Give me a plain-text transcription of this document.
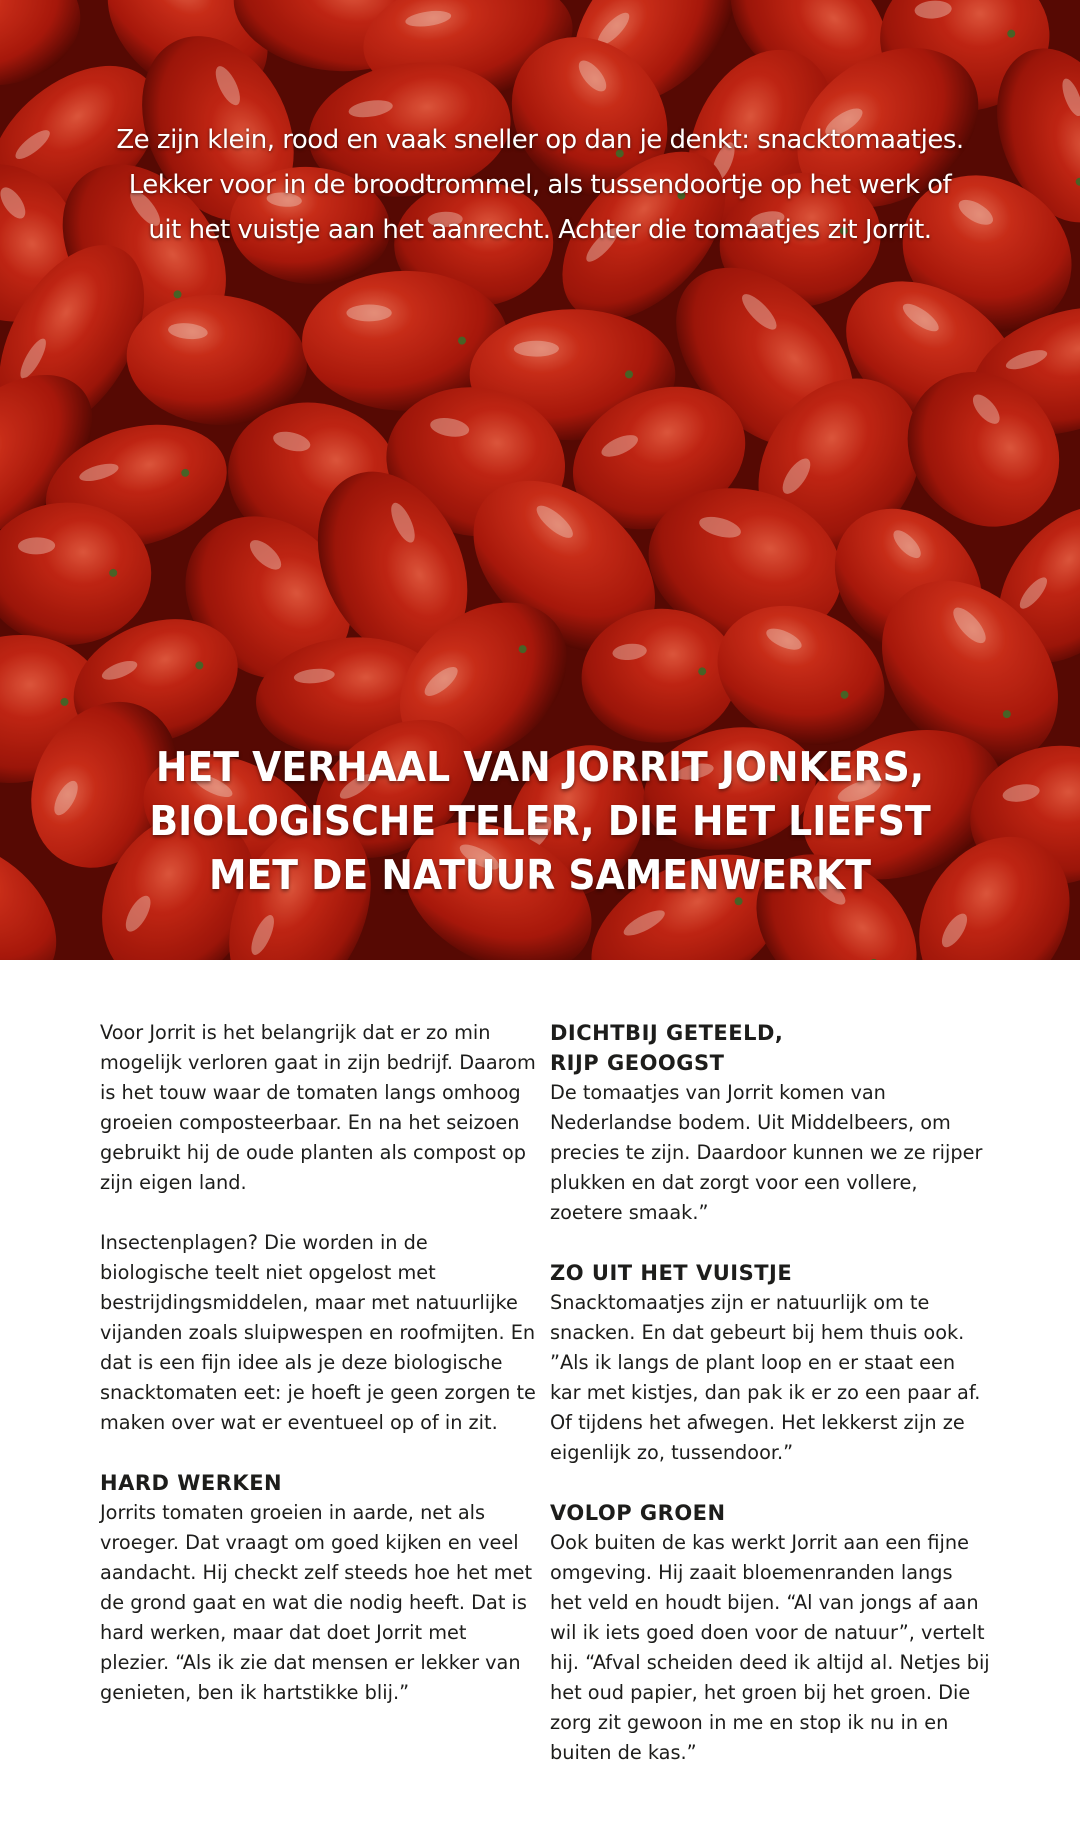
Ze zijn klein, rood en vaak sneller op dan je denkt: snacktomaatjes.

Lekker voor in de broodtrommel, als tussendoortje op het werk of

uit het vuistje aan het aanrecht. Achter die tomaatjes zit Jorrit.

HET VERHAAL VAN JORRIT JONKERS,

BIOLOGISCHE TELER, DIE HET LIEFST

MET DE NATUUR SAMENWERKT

Voor Jorrit is het belangrijk dat er zo min mogelijk verloren gaat in zijn bedrijf. Daarom is het touw waar de tomaten langs omhoog groeien composteerbaar. En na het seizoen gebruikt hij de oude planten als compost op zijn eigen land.

Insectenplagen? Die worden in de biologische teelt niet opgelost met bestrijdingsmiddelen, maar met natuurlijke vijanden zoals sluipwespen en roofmijten. En dat is een fijn idee als je deze biologische snacktomaten eet: je hoeft je geen zorgen te maken over wat er eventueel op of in zit.

HARD WERKEN

Jorrits tomaten groeien in aarde, net als vroeger. Dat vraagt om goed kijken en veel aandacht. Hij checkt zelf steeds hoe het met de grond gaat en wat die nodig heeft. Dat is hard werken, maar dat doet Jorrit met plezier. “Als ik zie dat mensen er lekker van genieten, ben ik hartstikke blij.”

DICHTBIJ GETEELD,
RIJP GEOOGST

De tomaatjes van Jorrit komen van Nederlandse bodem. Uit Middelbeers, om precies te zijn. Daardoor kunnen we ze rijper plukken en dat zorgt voor een vollere, zoetere smaak.”

ZO UIT HET VUISTJE

Snacktomaatjes zijn er natuurlijk om te snacken. En dat gebeurt bij hem thuis ook. ”Als ik langs de plant loop en er staat een kar met kistjes, dan pak ik er zo een paar af. Of tijdens het afwegen. Het lekkerst zijn ze eigenlijk zo, tussendoor.”

VOLOP GROEN

Ook buiten de kas werkt Jorrit aan een fijne omgeving. Hij zaait bloemenranden langs het veld en houdt bijen. “Al van jongs af aan wil ik iets goed doen voor de natuur”, vertelt hij. “Afval scheiden deed ik altijd al. Netjes bij het oud papier, het groen bij het groen. Die zorg zit gewoon in me en stop ik nu in en buiten de kas.”
